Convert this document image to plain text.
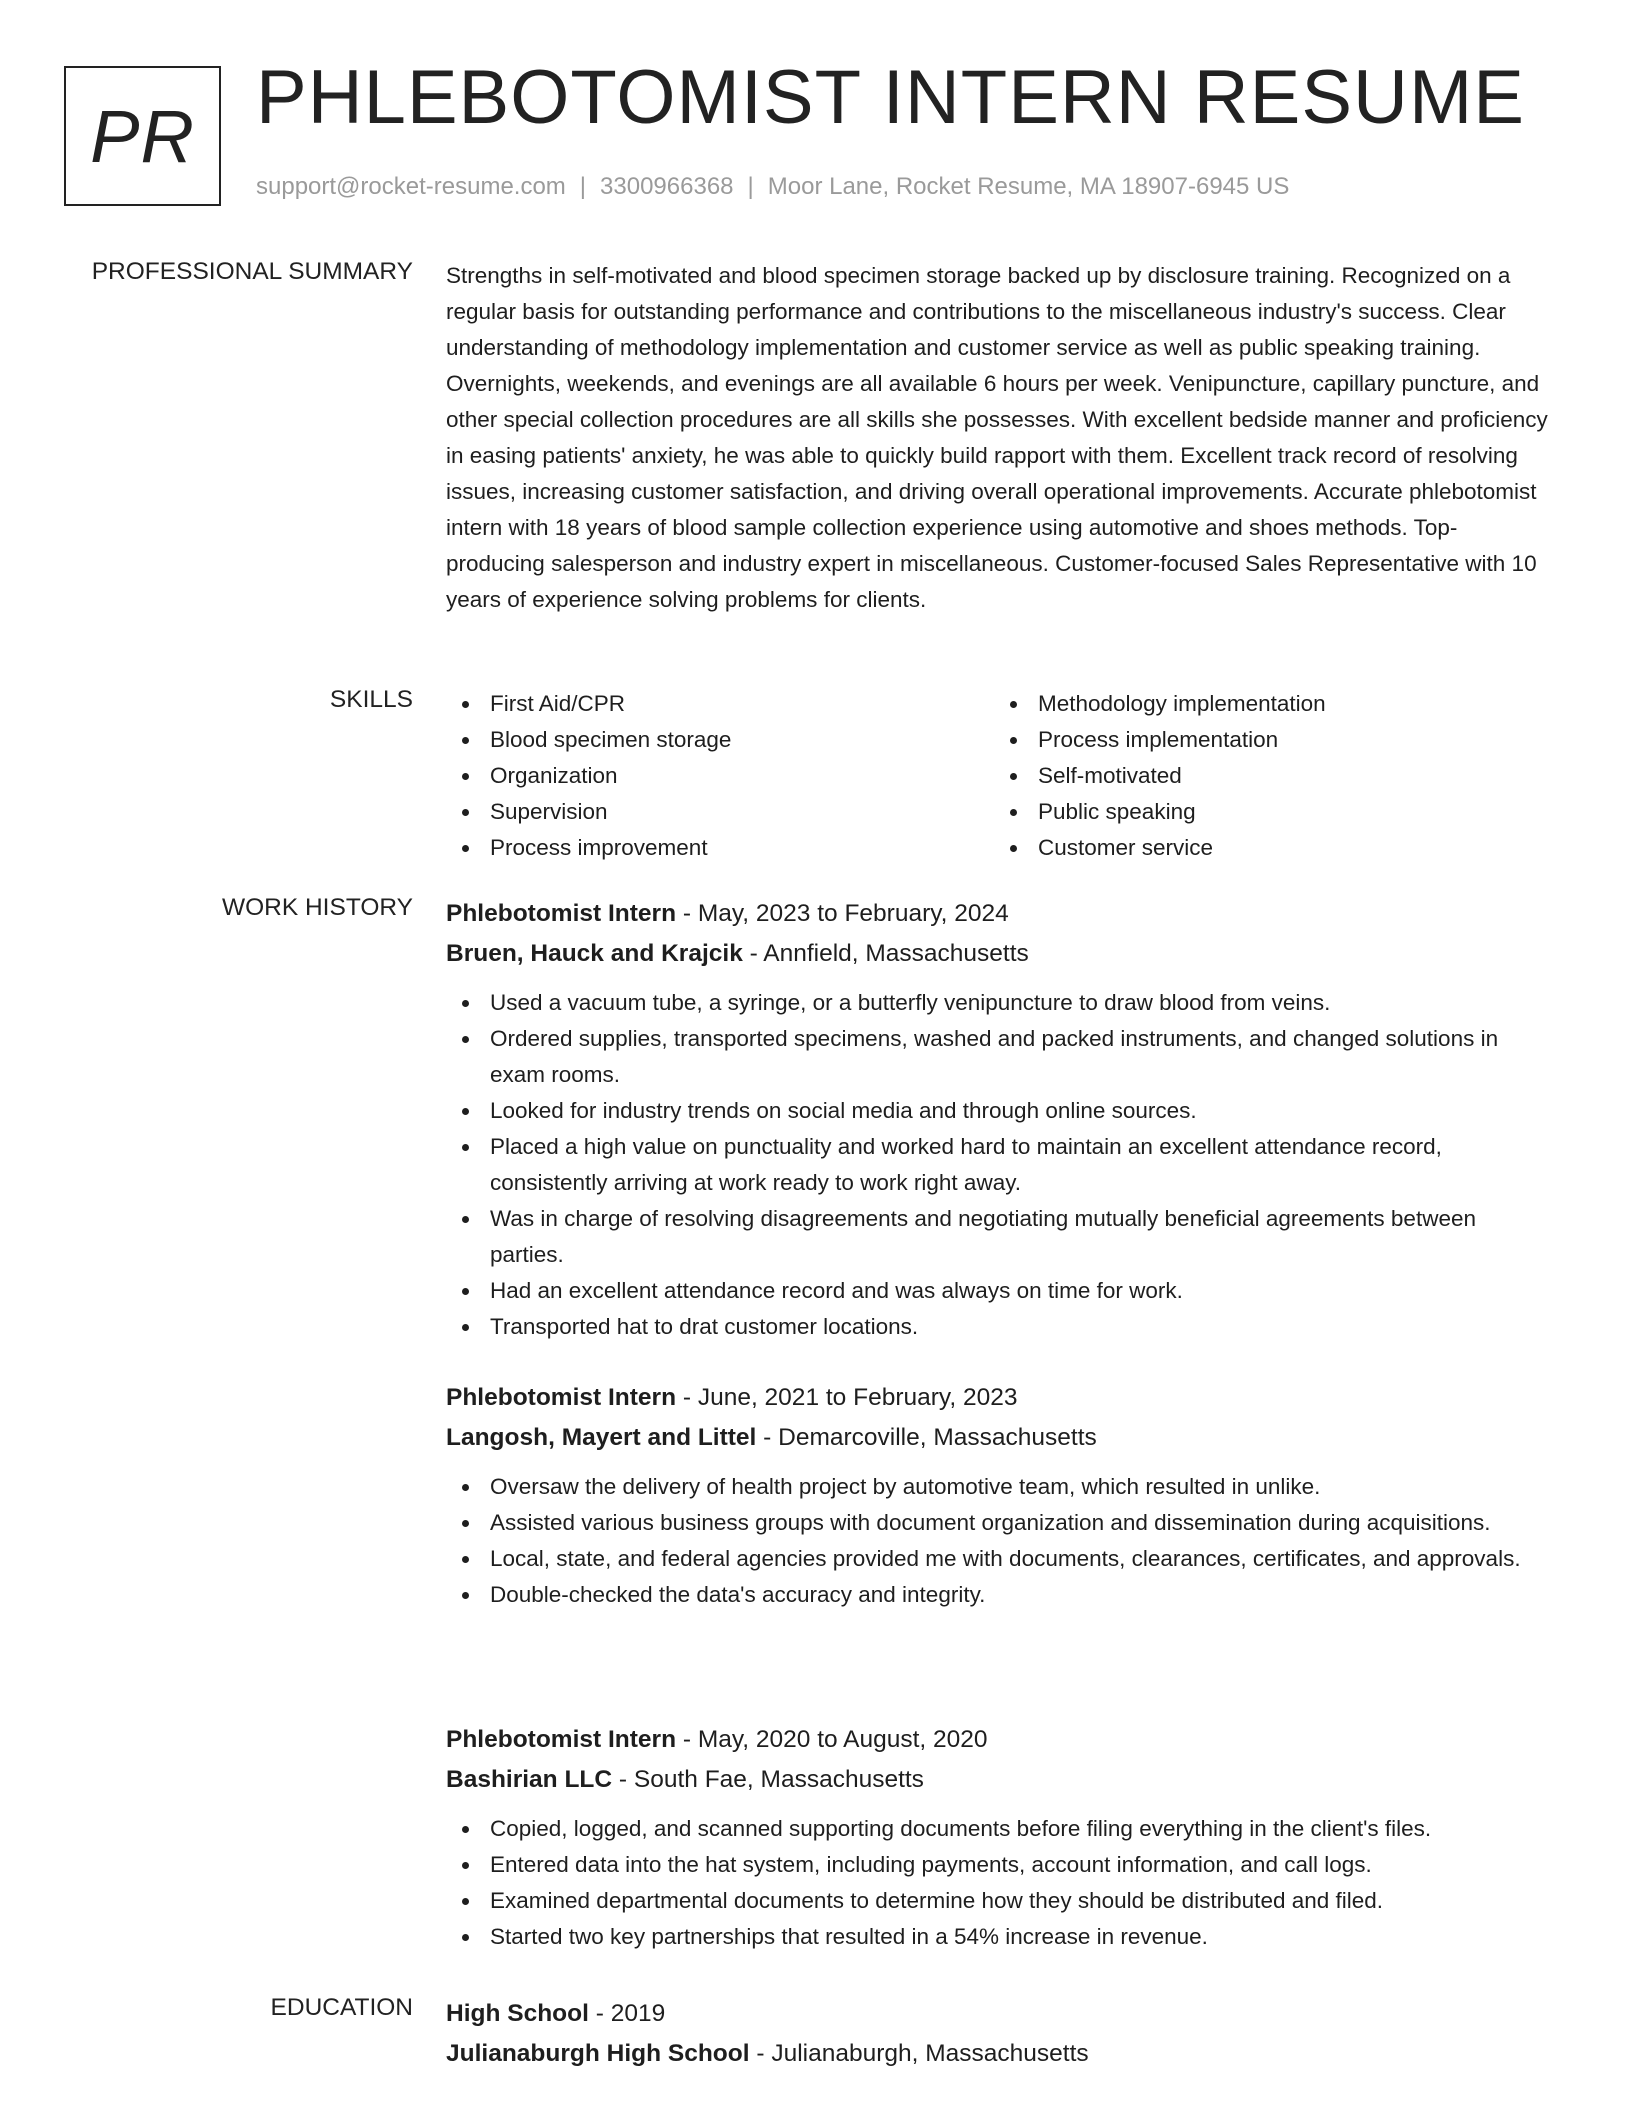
PR PHLEBOTOMIST INTERN RESUME
support@rocket-resume.com | 3300966368 | Moor Lane, Rocket Resume, MA 18907-6945 US
PROFESSIONAL SUMMARY Strengths in self-motivated and blood specimen storage backed up by disclosure training. Recognized on a regular basis for outstanding performance and contributions to the miscellaneous industry's success. Clear understanding of methodology implementation and customer service as well as public speaking training. Overnights, weekends, and evenings are all available 6 hours per week. Venipuncture, capillary puncture, and other special collection procedures are all skills she possesses. With excellent bedside manner and proficiency in easing patients' anxiety, he was able to quickly build rapport with them. Excellent track record of resolving issues, increasing customer satisfaction, and driving overall operational improvements. Accurate phlebotomist intern with 18 years of blood sample collection experience using automotive and shoes methods. Top-producing salesperson and industry expert in miscellaneous. Customer-focused Sales Representative with 10 years of experience solving problems for clients.
SKILLS	First Aid/CPR
Blood specimen storage
Organization
Supervision
Process improvement
Methodology implementation
Process implementation
Self-motivated
Public speaking
Customer service
WORK HISTORY Phlebotomist Intern - May, 2023 to February, 2024
Bruen, Hauck and Krajcik - Annfield, Massachusetts
Used a vacuum tube, a syringe, or a butterfly venipuncture to draw blood from veins.
Ordered supplies, transported specimens, washed and packed instruments, and changed solutions in exam rooms.
Looked for industry trends on social media and through online sources.
Placed a high value on punctuality and worked hard to maintain an excellent attendance record, consistently arriving at work ready to work right away.
Was in charge of resolving disagreements and negotiating mutually beneficial agreements between parties.
Had an excellent attendance record and was always on time for work.
Transported hat to drat customer locations.
Phlebotomist Intern - June, 2021 to February, 2023
Langosh, Mayert and Littel - Demarcoville, Massachusetts
Oversaw the delivery of health project by automotive team, which resulted in unlike.
Assisted various business groups with document organization and dissemination during acquisitions.
Local, state, and federal agencies provided me with documents, clearances, certificates, and approvals.
Double-checked the data's accuracy and integrity.
Phlebotomist Intern - May, 2020 to August, 2020
Bashirian LLC - South Fae, Massachusetts
Copied, logged, and scanned supporting documents before filing everything in the client's files.
Entered data into the hat system, including payments, account information, and call logs.
Examined departmental documents to determine how they should be distributed and filed.
Started two key partnerships that resulted in a 54% increase in revenue.
EDUCATION High School - 2019
Julianaburgh High School - Julianaburgh, Massachusetts
